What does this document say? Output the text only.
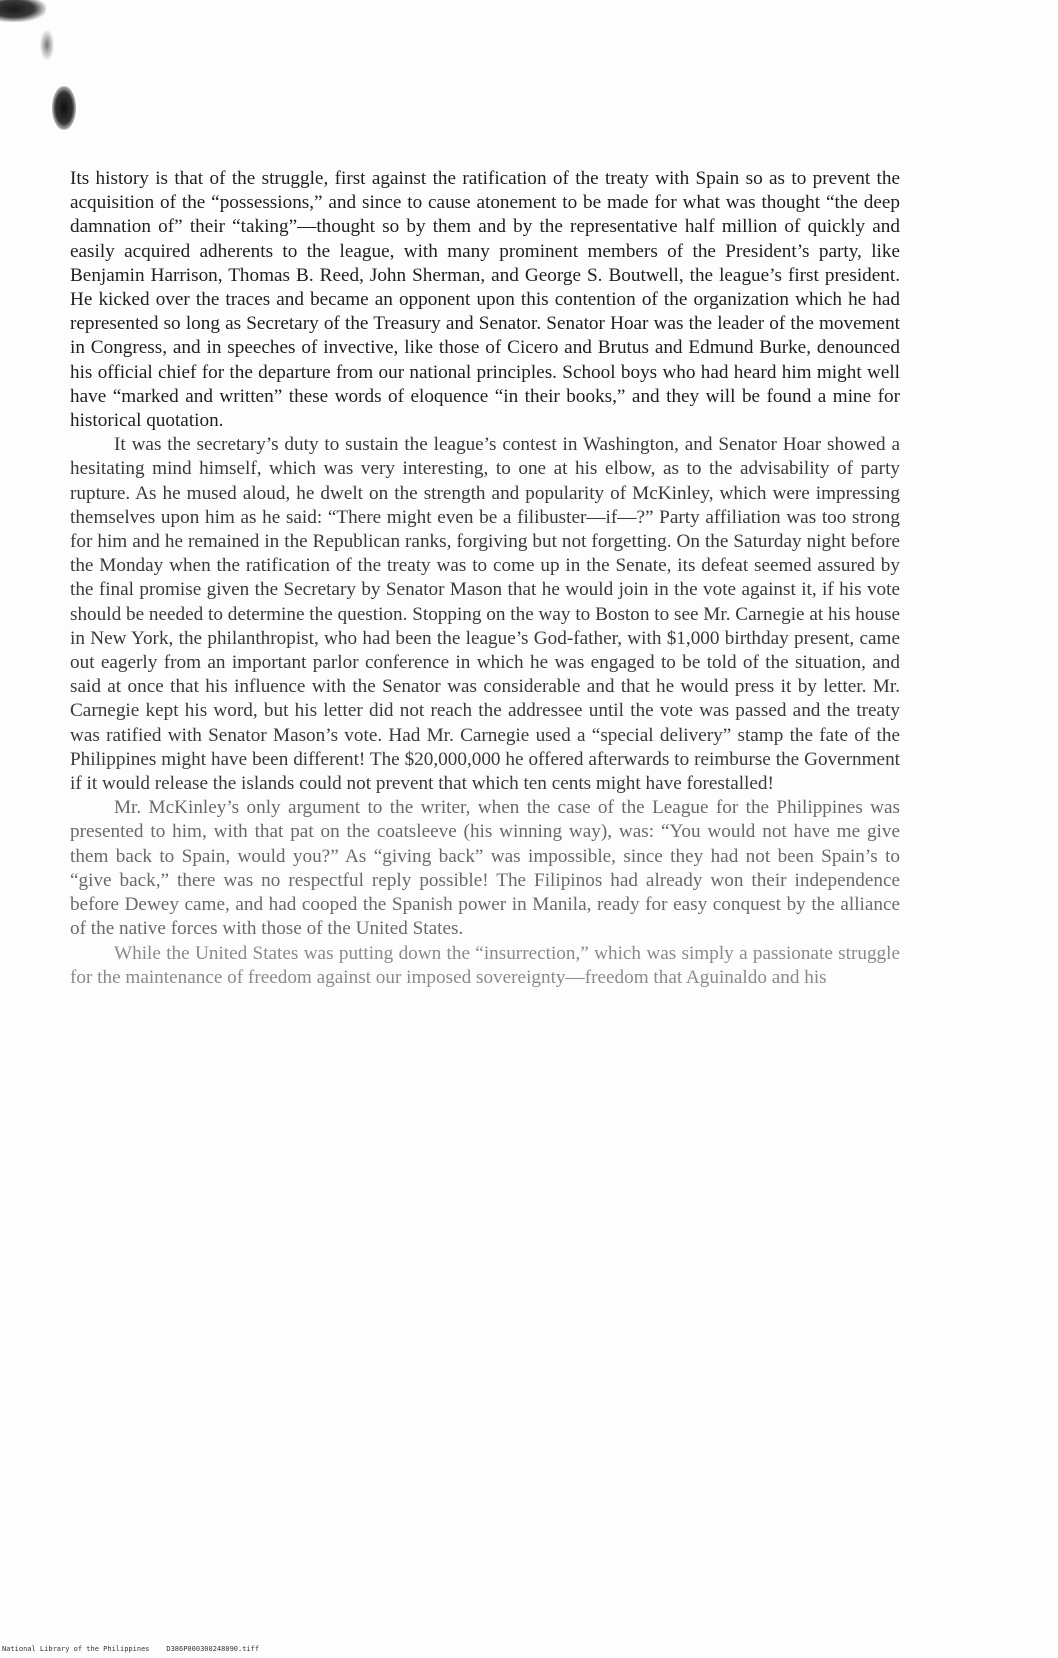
Its history is that of the struggle, first against the ratification of the treaty with Spain so as to prevent the acquisition of the “possessions,” and since to cause atonement to be made for what was thought “the deep damnation of” their “taking”—thought so by them and by the representative half million of quickly and easily acquired adherents to the league, with many prominent members of the President’s party, like Benjamin Harrison, Thomas B. Reed, John Sherman, and George S. Boutwell, the league’s first president. He kicked over the traces and became an opponent upon this contention of the organization which he had represented so long as Secretary of the Treasury and Senator. Senator Hoar was the leader of the movement in Congress, and in speeches of invective, like those of Cicero and Brutus and Edmund Burke, denounced his official chief for the departure from our national principles. School boys who had heard him might well have “marked and written” these words of eloquence “in their books,” and they will be found a mine for historical quotation.

It was the secretary’s duty to sustain the league’s contest in Washington, and Senator Hoar showed a hesitating mind himself, which was very interesting, to one at his elbow, as to the advisability of party rupture. As he mused aloud, he dwelt on the strength and popularity of McKinley, which were impressing themselves upon him as he said: “There might even be a filibuster—if—?” Party affiliation was too strong for him and he remained in the Republican ranks, forgiving but not forgetting. On the Saturday night before the Monday when the ratification of the treaty was to come up in the Senate, its defeat seemed assured by the final promise given the Secretary by Senator Mason that he would join in the vote against it, if his vote should be needed to determine the question. Stopping on the way to Boston to see Mr. Carnegie at his house in New York, the philanthropist, who had been the league’s God-father, with $1,000 birthday present, came out eagerly from an important parlor conference in which he was engaged to be told of the situation, and said at once that his influence with the Senator was considerable and that he would press it by letter. Mr. Carnegie kept his word, but his letter did not reach the addressee until the vote was passed and the treaty was ratified with Senator Mason’s vote. Had Mr. Carnegie used a “special delivery” stamp the fate of the Philippines might have been different! The $20,000,000 he offered afterwards to reimburse the Government if it would release the islands could not prevent that which ten cents might have forestalled!

Mr. McKinley’s only argument to the writer, when the case of the League for the Philippines was presented to him, with that pat on the coatsleeve (his winning way), was: “You would not have me give them back to Spain, would you?” As “giving back” was impossible, since they had not been Spain’s to “give back,” there was no respectful reply possible! The Filipinos had already won their independence before Dewey came, and had cooped the Spanish power in Manila, ready for easy conquest by the alliance of the native forces with those of the United States.

While the United States was putting down the “insurrection,” which was simply a passionate struggle for the maintenance of freedom against our imposed sovereignty—freedom that Aguinaldo and his

National Library of the Philippines    D386P000300248090.tiff
